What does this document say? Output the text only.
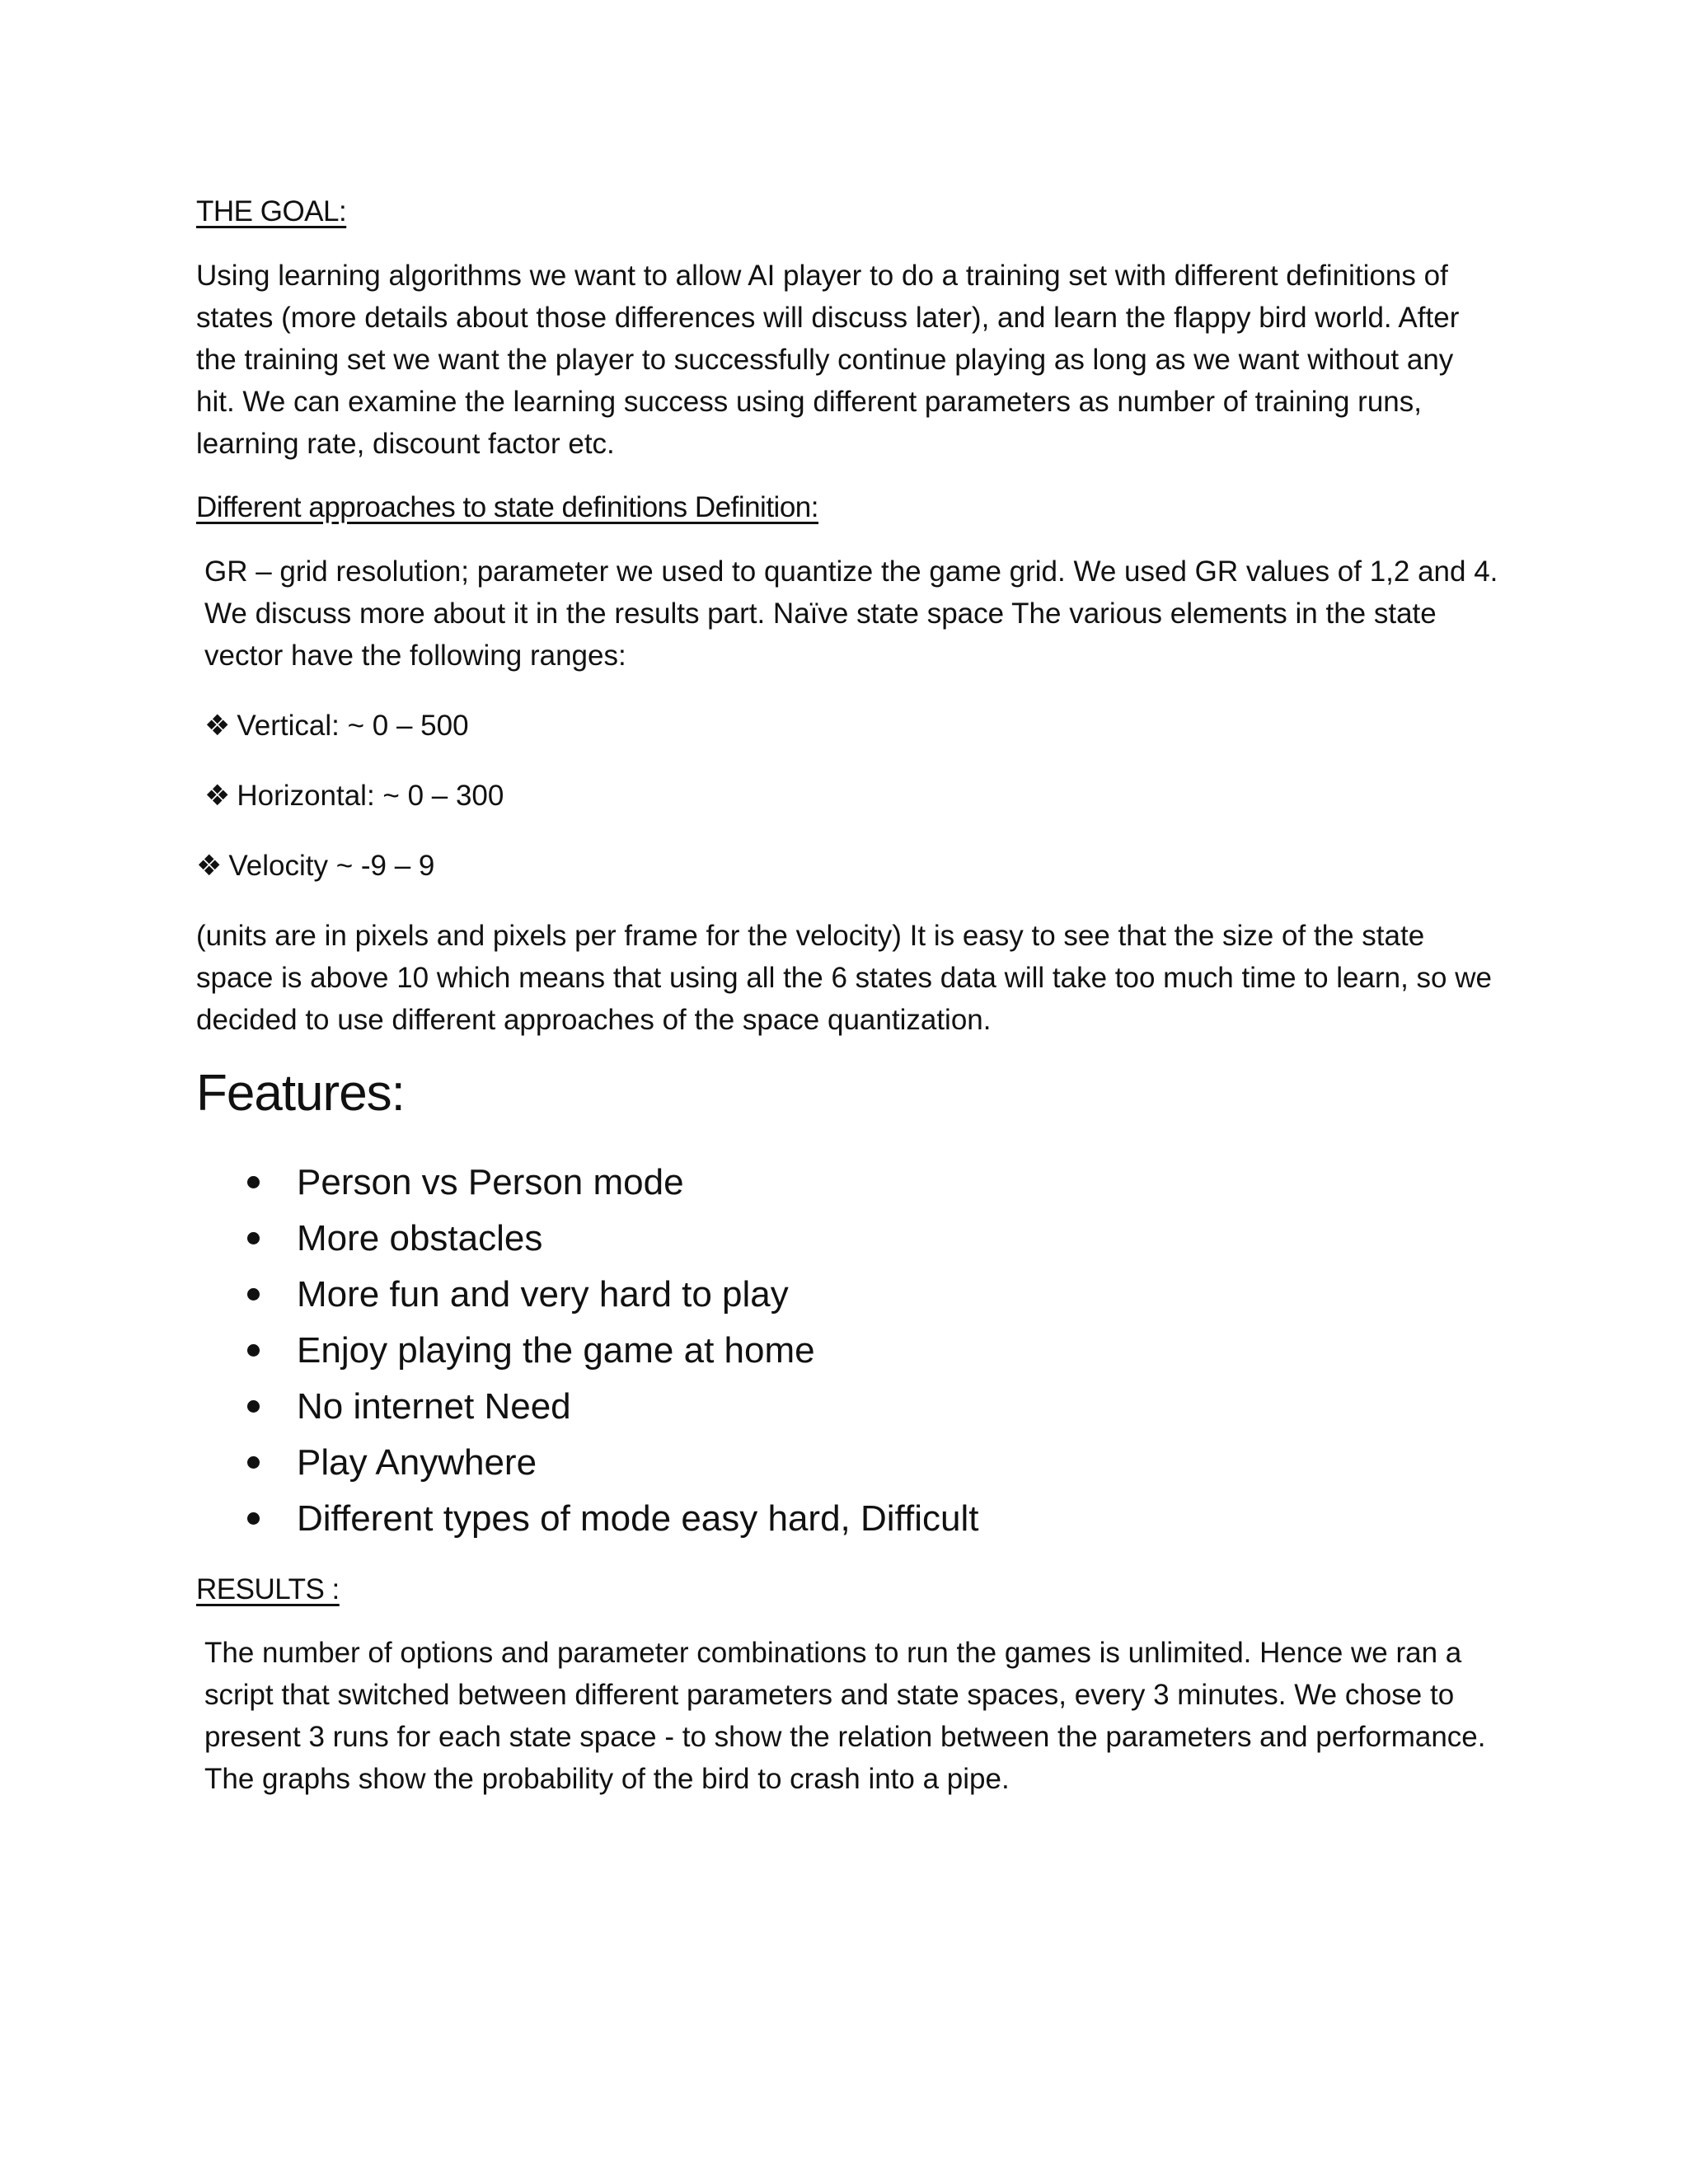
THE GOAL:

Using learning algorithms we want to allow AI player to do a training set with different definitions of states (more details about those differences will discuss later), and learn the flappy bird world. After the training set we want the player to successfully continue playing as long as we want without any hit. We can examine the learning success using different parameters as number of training runs, learning rate, discount factor etc.

Different approaches to state definitions Definition:

GR – grid resolution; parameter we used to quantize the game grid. We used GR values of 1,2 and 4. We discuss more about it in the results part. Naïve state space The various elements in the state vector have the following ranges:

❖ Vertical: ~ 0 – 500
❖ Horizontal: ~ 0 – 300
❖ Velocity ~ -9 – 9

(units are in pixels and pixels per frame for the velocity) It is easy to see that the size of the state space is above 10 which means that using all the 6 states data will take too much time to learn, so we decided to use different approaches of the space quantization.

Features:
Person vs Person mode
More obstacles
More fun and very hard to play
Enjoy playing the game at home
No internet Need
Play Anywhere
Different types of mode easy hard, Difficult
RESULTS :

The number of options and parameter combinations to run the games is unlimited. Hence we ran a script that switched between different parameters and state spaces, every 3 minutes. We chose to present 3 runs for each state space - to show the relation between the parameters and performance. The graphs show the probability of the bird to crash into a pipe.
